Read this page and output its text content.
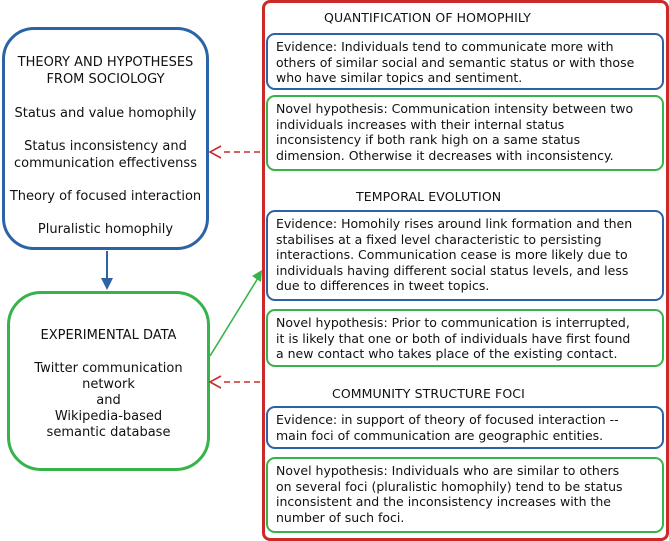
THEORY AND HYPOTHESES
FROM SOCIOLOGY
Status and value homophily
Status inconsistency and
communication effectivenss
Theory of focused interaction
Pluralistic homophily
EXPERIMENTAL DATA
Twitter communication
network
and
Wikipedia-based
semantic database
QUANTIFICATION OF HOMOPHILY
Evidence: Individuals tend to communicate more with
others of similar social and semantic status or with those
who have similar topics and sentiment.
Novel hypothesis: Communication intensity between two
individuals increases with their internal status
inconsistency if both rank high on a same status
dimension. Otherwise it decreases with inconsistency.
TEMPORAL EVOLUTION
Evidence: Homohily rises around link formation and then
stabilises at a fixed level characteristic to persisting
interactions. Communication cease is more likely due to
individuals having different social status levels, and less
due to differences in tweet topics.
Novel hypothesis: Prior to communication is interrupted,
it is likely that one or both of individuals have first found
a new contact who takes place of the existing contact.
COMMUNITY STRUCTURE FOCI
Evidence: in support of theory of focused interaction --
main foci of communication are geographic entities.
Novel hypothesis: Individuals who are similar to others
on several foci (pluralistic homophily) tend to be status
inconsistent and the inconsistency increases with the
number of such foci.
